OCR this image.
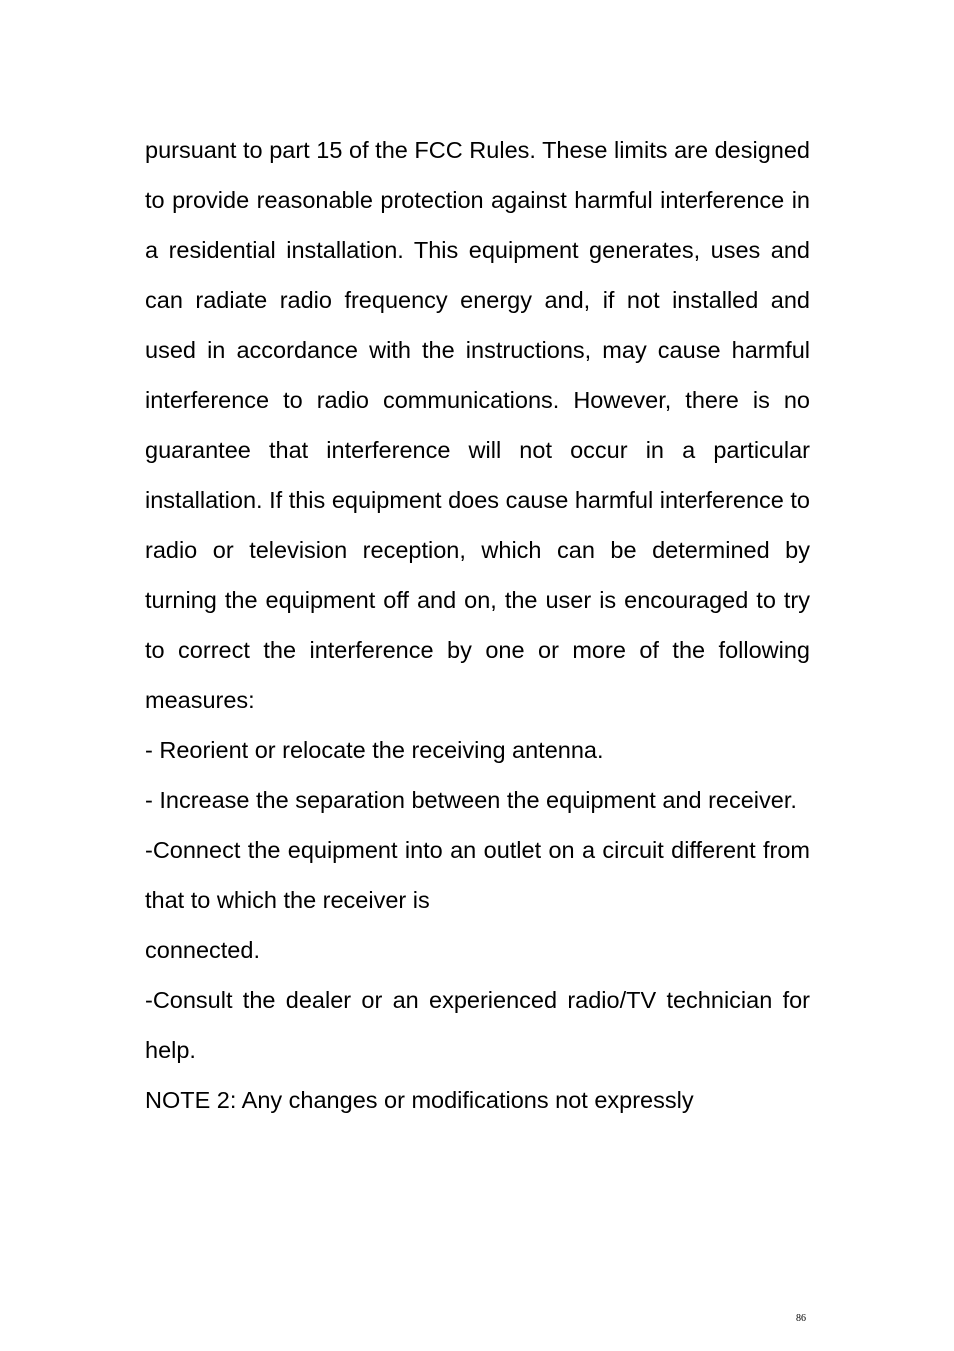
pursuant to part 15 of the FCC Rules. These limits are designed to provide reasonable protection against harmful interference in a residential installation. This equipment generates, uses and can radiate radio frequency energy and, if not installed and used in accordance with the instructions, may cause harmful interference to radio communications. However, there is no guarantee that interference will not occur in a particular installation. If this equipment does cause harmful interference to radio or television reception, which can be determined by turning the equipment off and on, the user is encouraged to try to correct the interference by one or more of the following measures:

- Reorient or relocate the receiving antenna.

- Increase the separation between the equipment and receiver.

-Connect the equipment into an outlet on a circuit different from that to which the receiver is

connected.

-Consult the dealer or an experienced radio/TV technician for help.

NOTE 2: Any changes or modifications not expressly

86
